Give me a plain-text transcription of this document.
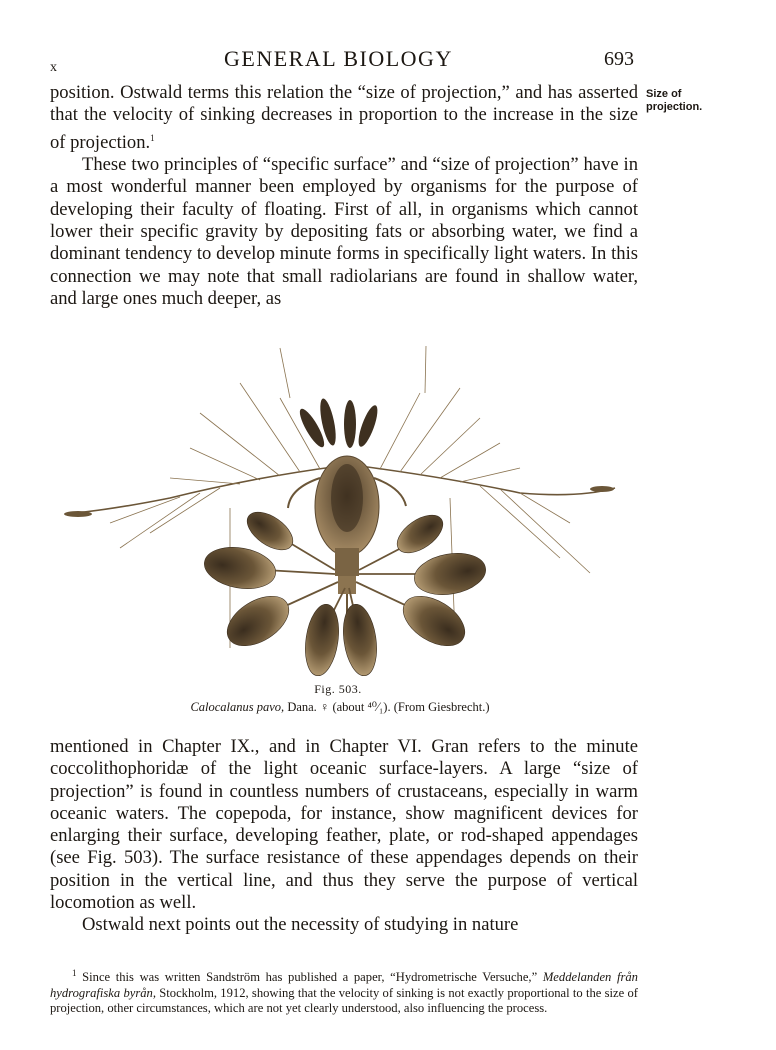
x	GENERAL BIOLOGY	693
Size of projection.

position. Ostwald terms this relation the “size of projection,” and has asserted that the velocity of sinking decreases in proportion to the increase in the size of projection.$^1$

These two principles of “specific surface” and “size of projection” have in a most wonderful manner been employed by organisms for the purpose of developing their faculty of floating. First of all, in organisms which cannot lower their specific gravity by depositing fats or absorbing water, we find a dominant tendency to develop minute forms in specifically light waters. In this connection we may note that small radiolarians are found in shallow water, and large ones much deeper, as

Fig. 503.
Calocalanus pavo, Dana. ♀ (about ⁴⁰⁄₁). (From Giesbrecht.)

mentioned in Chapter IX., and in Chapter VI. Gran refers to the minute coccolithophoridæ of the light oceanic surface-layers. A large “size of projection” is found in countless numbers of crustaceans, especially in warm oceanic waters. The copepoda, for instance, show magnificent devices for enlarging their surface, developing feather, plate, or rod-shaped appendages (see Fig. 503). The surface resistance of these appendages depends on their position in the vertical line, and thus they serve the purpose of vertical locomotion as well.

Ostwald next points out the necessity of studying in nature

$^1$ Since this was written Sandström has published a paper, “Hydrometrische Versuche,” Meddelanden från hydrografiska byrån, Stockholm, 1912, showing that the velocity of sinking is not exactly proportional to the size of projection, other circumstances, which are not yet clearly understood, also influencing the process.
